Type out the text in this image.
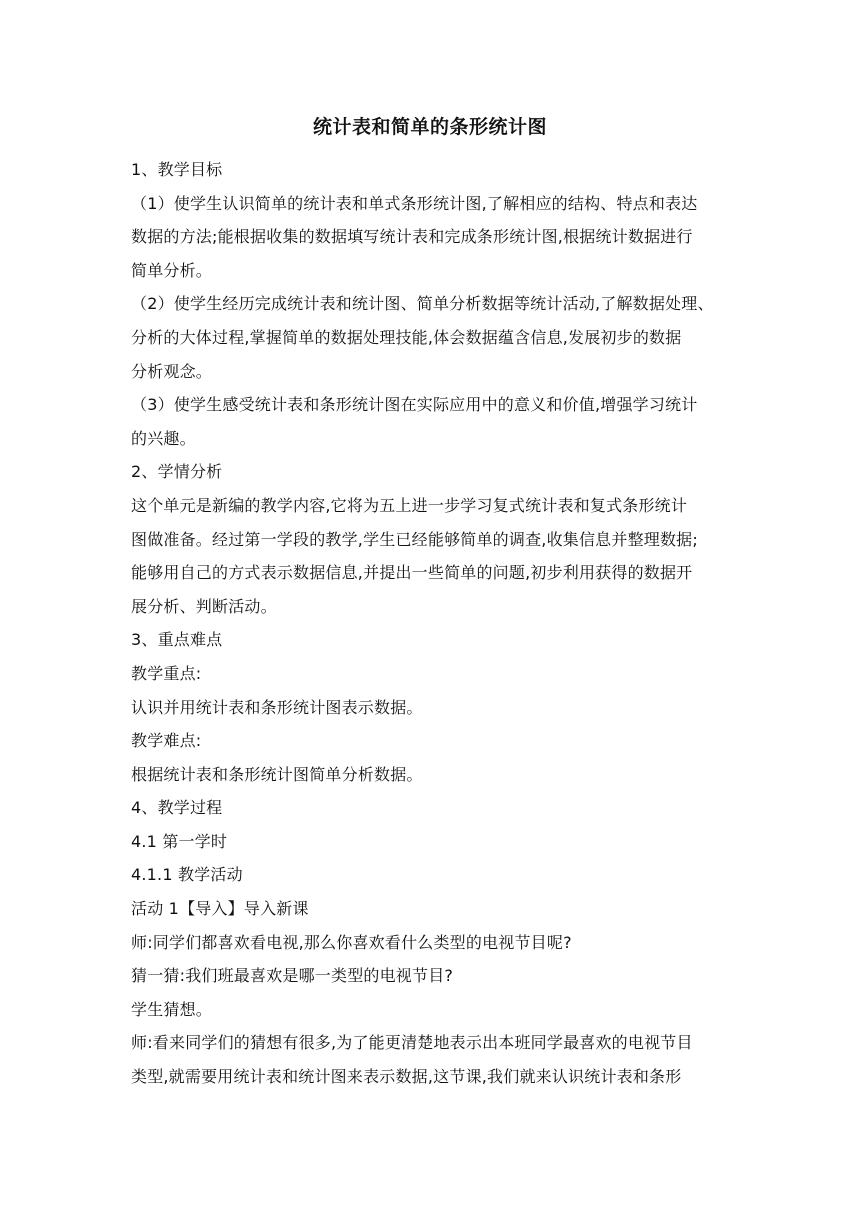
统计表和简单的条形统计图
1、教学目标
（1）使学生认识简单的统计表和单式条形统计图,了解相应的结构、特点和表达
数据的方法;能根据收集的数据填写统计表和完成条形统计图,根据统计数据进行
简单分析。
（2）使学生经历完成统计表和统计图、简单分析数据等统计活动,了解数据处理、
分析的大体过程,掌握简单的数据处理技能,体会数据蕴含信息,发展初步的数据
分析观念。
（3）使学生感受统计表和条形统计图在实际应用中的意义和价值,增强学习统计
的兴趣。
2、学情分析
这个单元是新编的教学内容,它将为五上进一步学习复式统计表和复式条形统计
图做准备。经过第一学段的教学,学生已经能够简单的调查,收集信息并整理数据;
能够用自己的方式表示数据信息,并提出一些简单的问题,初步利用获得的数据开
展分析、判断活动。
3、重点难点
教学重点:
认识并用统计表和条形统计图表示数据。
教学难点:
根据统计表和条形统计图简单分析数据。
4、教学过程
4.1 第一学时
4.1.1 教学活动
活动 1【导入】导入新课
师:同学们都喜欢看电视,那么你喜欢看什么类型的电视节目呢?
猜一猜:我们班最喜欢是哪一类型的电视节目?
学生猜想。
师:看来同学们的猜想有很多,为了能更清楚地表示出本班同学最喜欢的电视节目
类型,就需要用统计表和统计图来表示数据,这节课,我们就来认识统计表和条形
